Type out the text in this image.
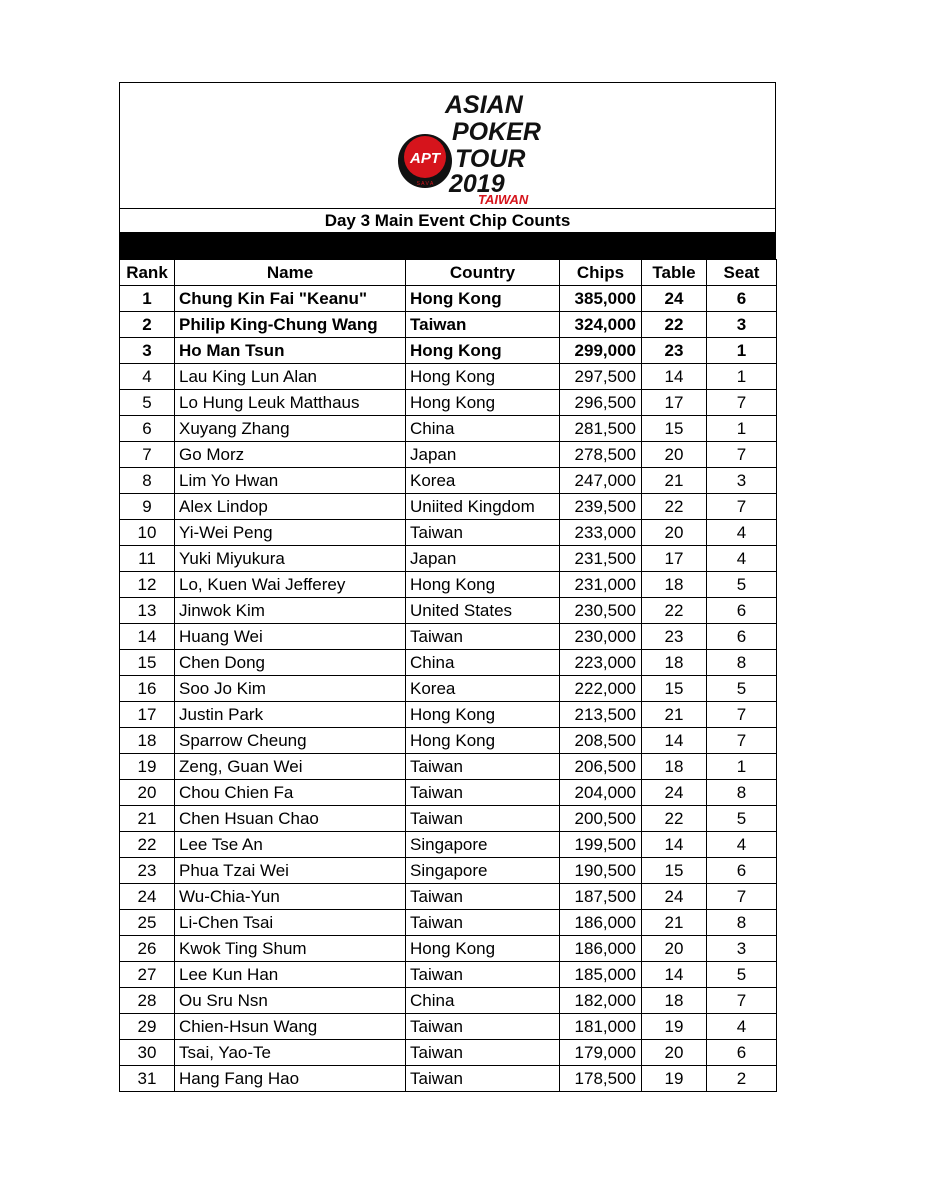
APT
S A V A
ASIAN
POKER
TOUR
2019
TAIWAN
Day 3 Main Event Chip Counts
Rank	Name	Country	Chips	Table	Seat
1	Chung Kin Fai "Keanu"	Hong Kong	385,000	24	6
2	Philip King-Chung Wang	Taiwan	324,000	22	3
3	Ho Man Tsun	Hong Kong	299,000	23	1
4	Lau King Lun Alan	Hong Kong	297,500	14	1
5	Lo Hung Leuk Matthaus	Hong Kong	296,500	17	7
6	Xuyang Zhang	China	281,500	15	1
7	Go Morz	Japan	278,500	20	7
8	Lim Yo Hwan	Korea	247,000	21	3
9	Alex Lindop	Uniited Kingdom	239,500	22	7
10	Yi-Wei Peng	Taiwan	233,000	20	4
11	Yuki Miyukura	Japan	231,500	17	4
12	Lo, Kuen Wai Jefferey	Hong Kong	231,000	18	5
13	Jinwok Kim	United States	230,500	22	6
14	Huang Wei	Taiwan	230,000	23	6
15	Chen Dong	China	223,000	18	8
16	Soo Jo Kim	Korea	222,000	15	5
17	Justin Park	Hong Kong	213,500	21	7
18	Sparrow Cheung	Hong Kong	208,500	14	7
19	Zeng, Guan Wei	Taiwan	206,500	18	1
20	Chou Chien Fa	Taiwan	204,000	24	8
21	Chen Hsuan Chao	Taiwan	200,500	22	5
22	Lee Tse An	Singapore	199,500	14	4
23	Phua Tzai Wei	Singapore	190,500	15	6
24	Wu-Chia-Yun	Taiwan	187,500	24	7
25	Li-Chen Tsai	Taiwan	186,000	21	8
26	Kwok Ting Shum	Hong Kong	186,000	20	3
27	Lee Kun Han	Taiwan	185,000	14	5
28	Ou Sru Nsn	China	182,000	18	7
29	Chien-Hsun Wang	Taiwan	181,000	19	4
30	Tsai, Yao-Te	Taiwan	179,000	20	6
31	Hang Fang Hao	Taiwan	178,500	19	2
